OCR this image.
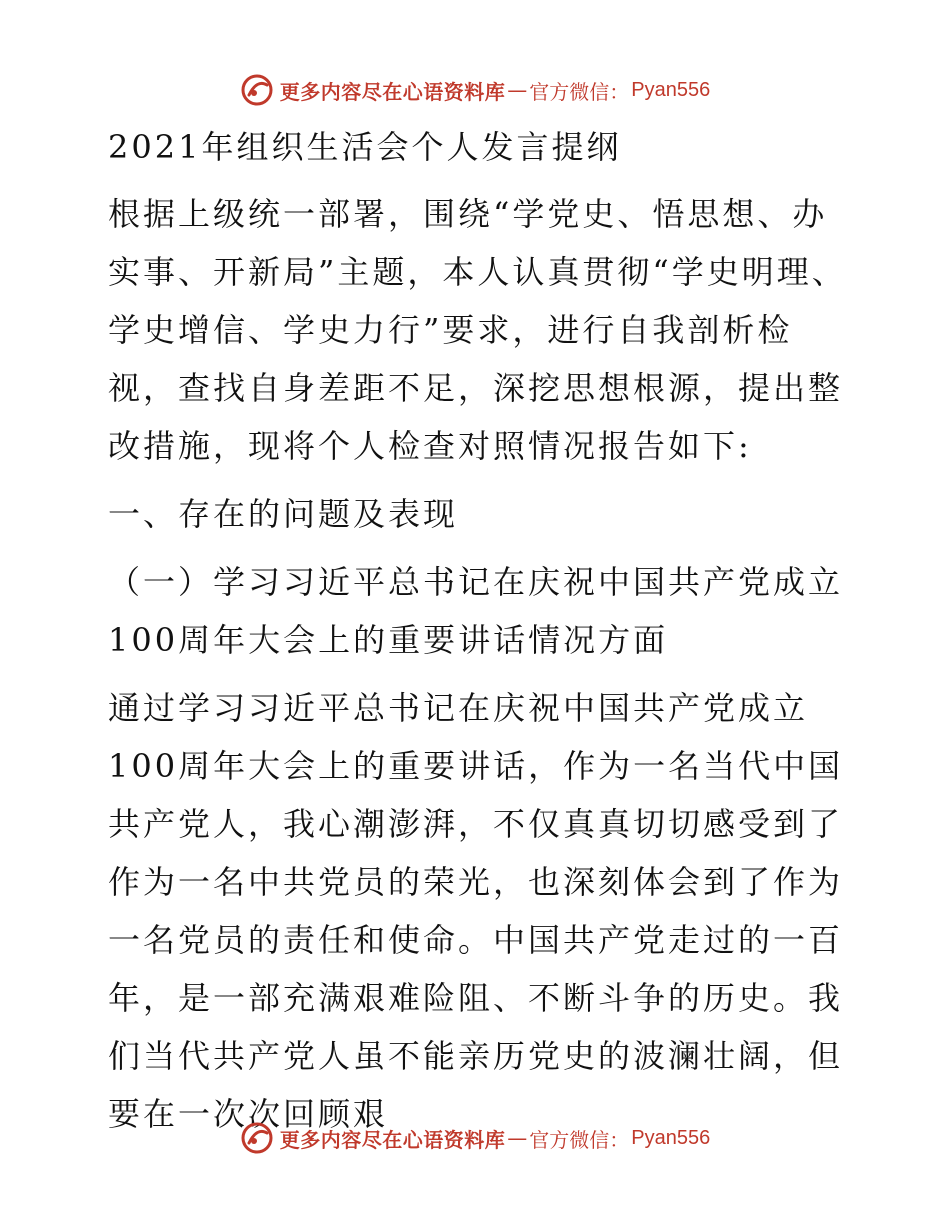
更多内容尽在心语资料库 — 官方微信： Pyan556

2021年组织生活会个人发言提纲

根据上级统一部署，围绕“学党史、悟思想、办实事、开新局”主题，本人认真贯彻“学史明理、学史增信、学史力行”要求，进行自我剖析检视，查找自身差距不足，深挖思想根源，提出整改措施，现将个人检查对照情况报告如下:

一、存在的问题及表现

（一）学习习近平总书记在庆祝中国共产党成立100周年大会上的重要讲话情况方面

通过学习习近平总书记在庆祝中国共产党成立100周年大会上的重要讲话，作为一名当代中国共产党人，我心潮澎湃，不仅真真切切感受到了作为一名中共党员的荣光，也深刻体会到了作为一名党员的责任和使命。中国共产党走过的一百年，是一部充满艰难险阻、不断斗争的历史。我们当代共产党人虽不能亲历党史的波澜壮阔，但要在一次次回顾艰

更多内容尽在心语资料库 — 官方微信： Pyan556
